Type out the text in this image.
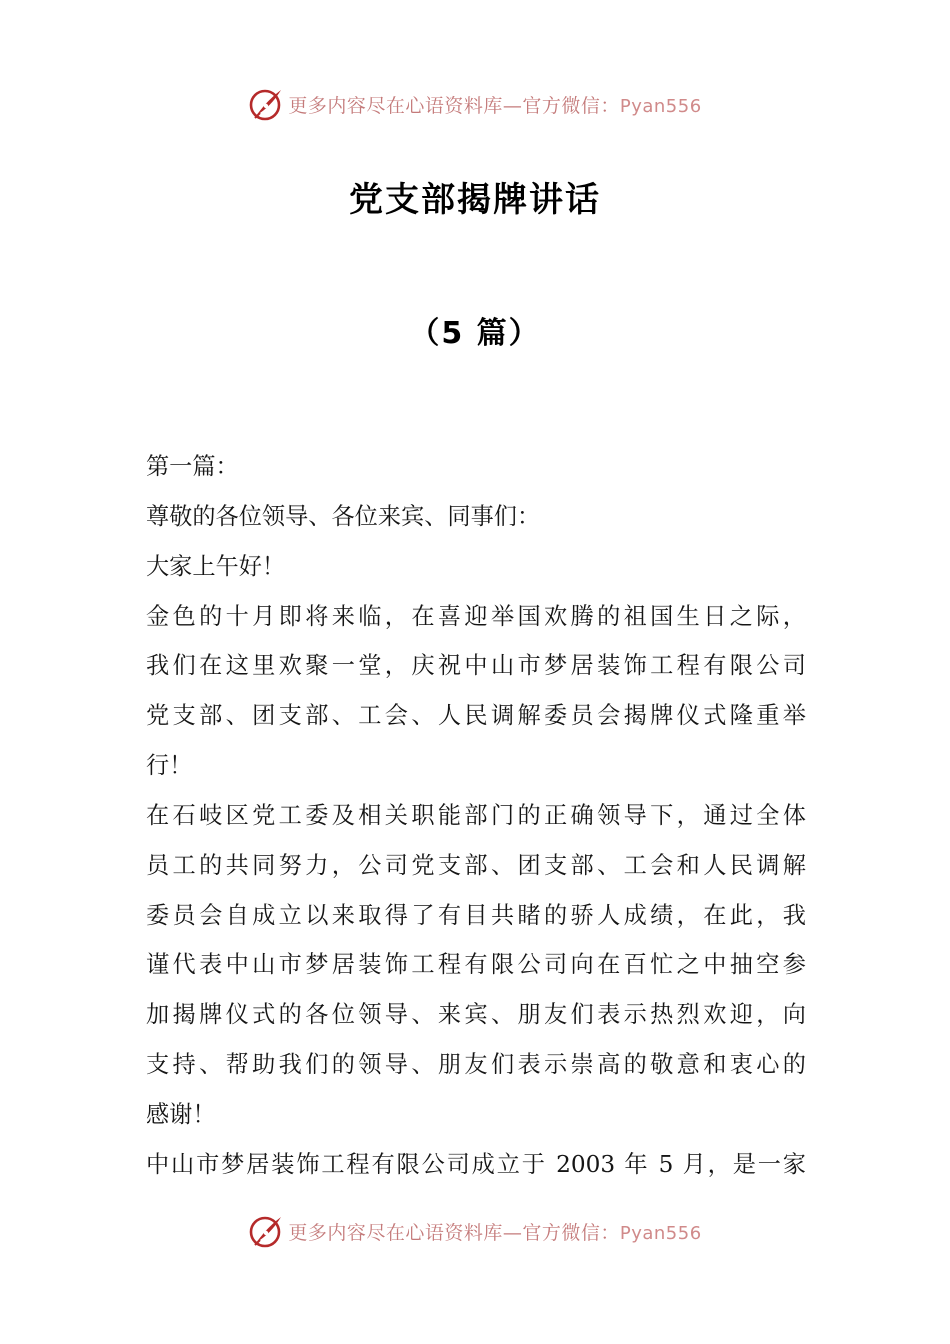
更多内容尽在心语资料库—官方微信：Pyan556
党支部揭牌讲话
（5 篇）
第一篇：
尊敬的各位领导、各位来宾、同事们：
大家上午好！
金色的十月即将来临，在喜迎举国欢腾的祖国生日之际，
我们在这里欢聚一堂，庆祝中山市梦居装饰工程有限公司
党支部、团支部、工会、人民调解委员会揭牌仪式隆重举
行！
在石岐区党工委及相关职能部门的正确领导下，通过全体
员工的共同努力，公司党支部、团支部、工会和人民调解
委员会自成立以来取得了有目共睹的骄人成绩，在此，我
谨代表中山市梦居装饰工程有限公司向在百忙之中抽空参
加揭牌仪式的各位领导、来宾、朋友们表示热烈欢迎，向
支持、帮助我们的领导、朋友们表示崇高的敬意和衷心的
感谢！
中山市梦居装饰工程有限公司成立于 2003 年 5 月，是一家
更多内容尽在心语资料库—官方微信：Pyan556
